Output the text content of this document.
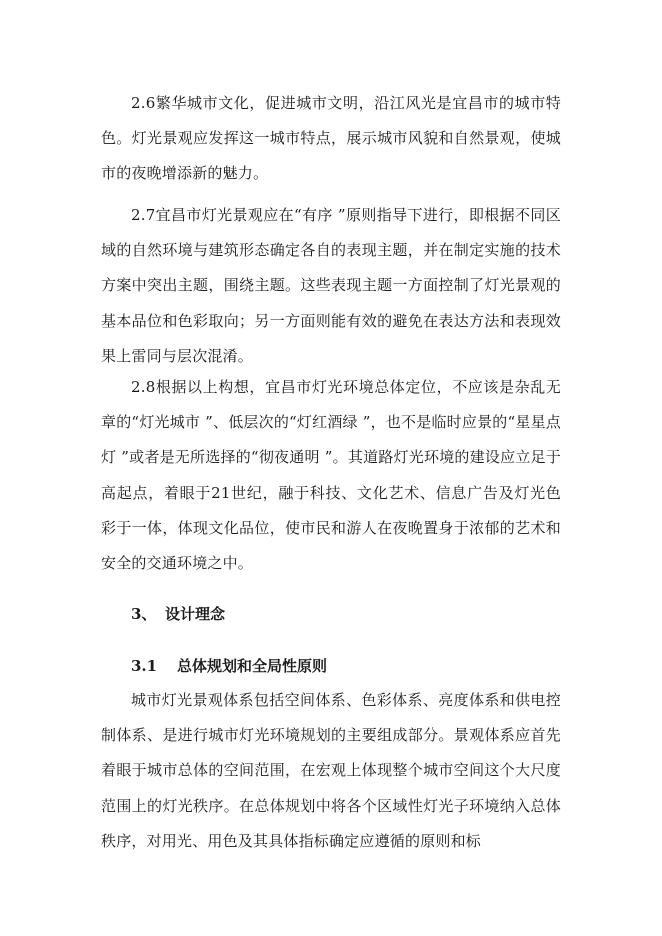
2.6繁华城市文化，促进城市文明，沿江风光是宜昌市的城市特色。灯光景观应发挥这一城市特点，展示城市风貌和自然景观，使城市的夜晚增添新的魅力。

2.7宜昌市灯光景观应在“有序 ”原则指导下进行，即根据不同区域的自然环境与建筑形态确定各自的表现主题，并在制定实施的技术方案中突出主题，围绕主题。这些表现主题一方面控制了灯光景观的基本品位和色彩取向；另一方面则能有效的避免在表达方法和表现效果上雷同与层次混淆。

2.8根据以上构想，宜昌市灯光环境总体定位，不应该是杂乱无章的“灯光城市 ”、低层次的“灯红酒绿 ”，也不是临时应景的“星星点灯 ”或者是无所选择的“彻夜通明 ”。其道路灯光环境的建设应立足于高起点，着眼于21世纪，融于科技、文化艺术、信息广告及灯光色彩于一体，体现文化品位，使市民和游人在夜晚置身于浓郁的艺术和安全的交通环境之中。

3、 设计理念
3.1 总体规划和全局性原则

城市灯光景观体系包括空间体系、色彩体系、亮度体系和供电控制体系、是进行城市灯光环境规划的主要组成部分。景观体系应首先着眼于城市总体的空间范围，在宏观上体现整个城市空间这个大尺度范围上的灯光秩序。在总体规划中将各个区域性灯光子环境纳入总体秩序，对用光、用色及其具体指标确定应遵循的原则和标
